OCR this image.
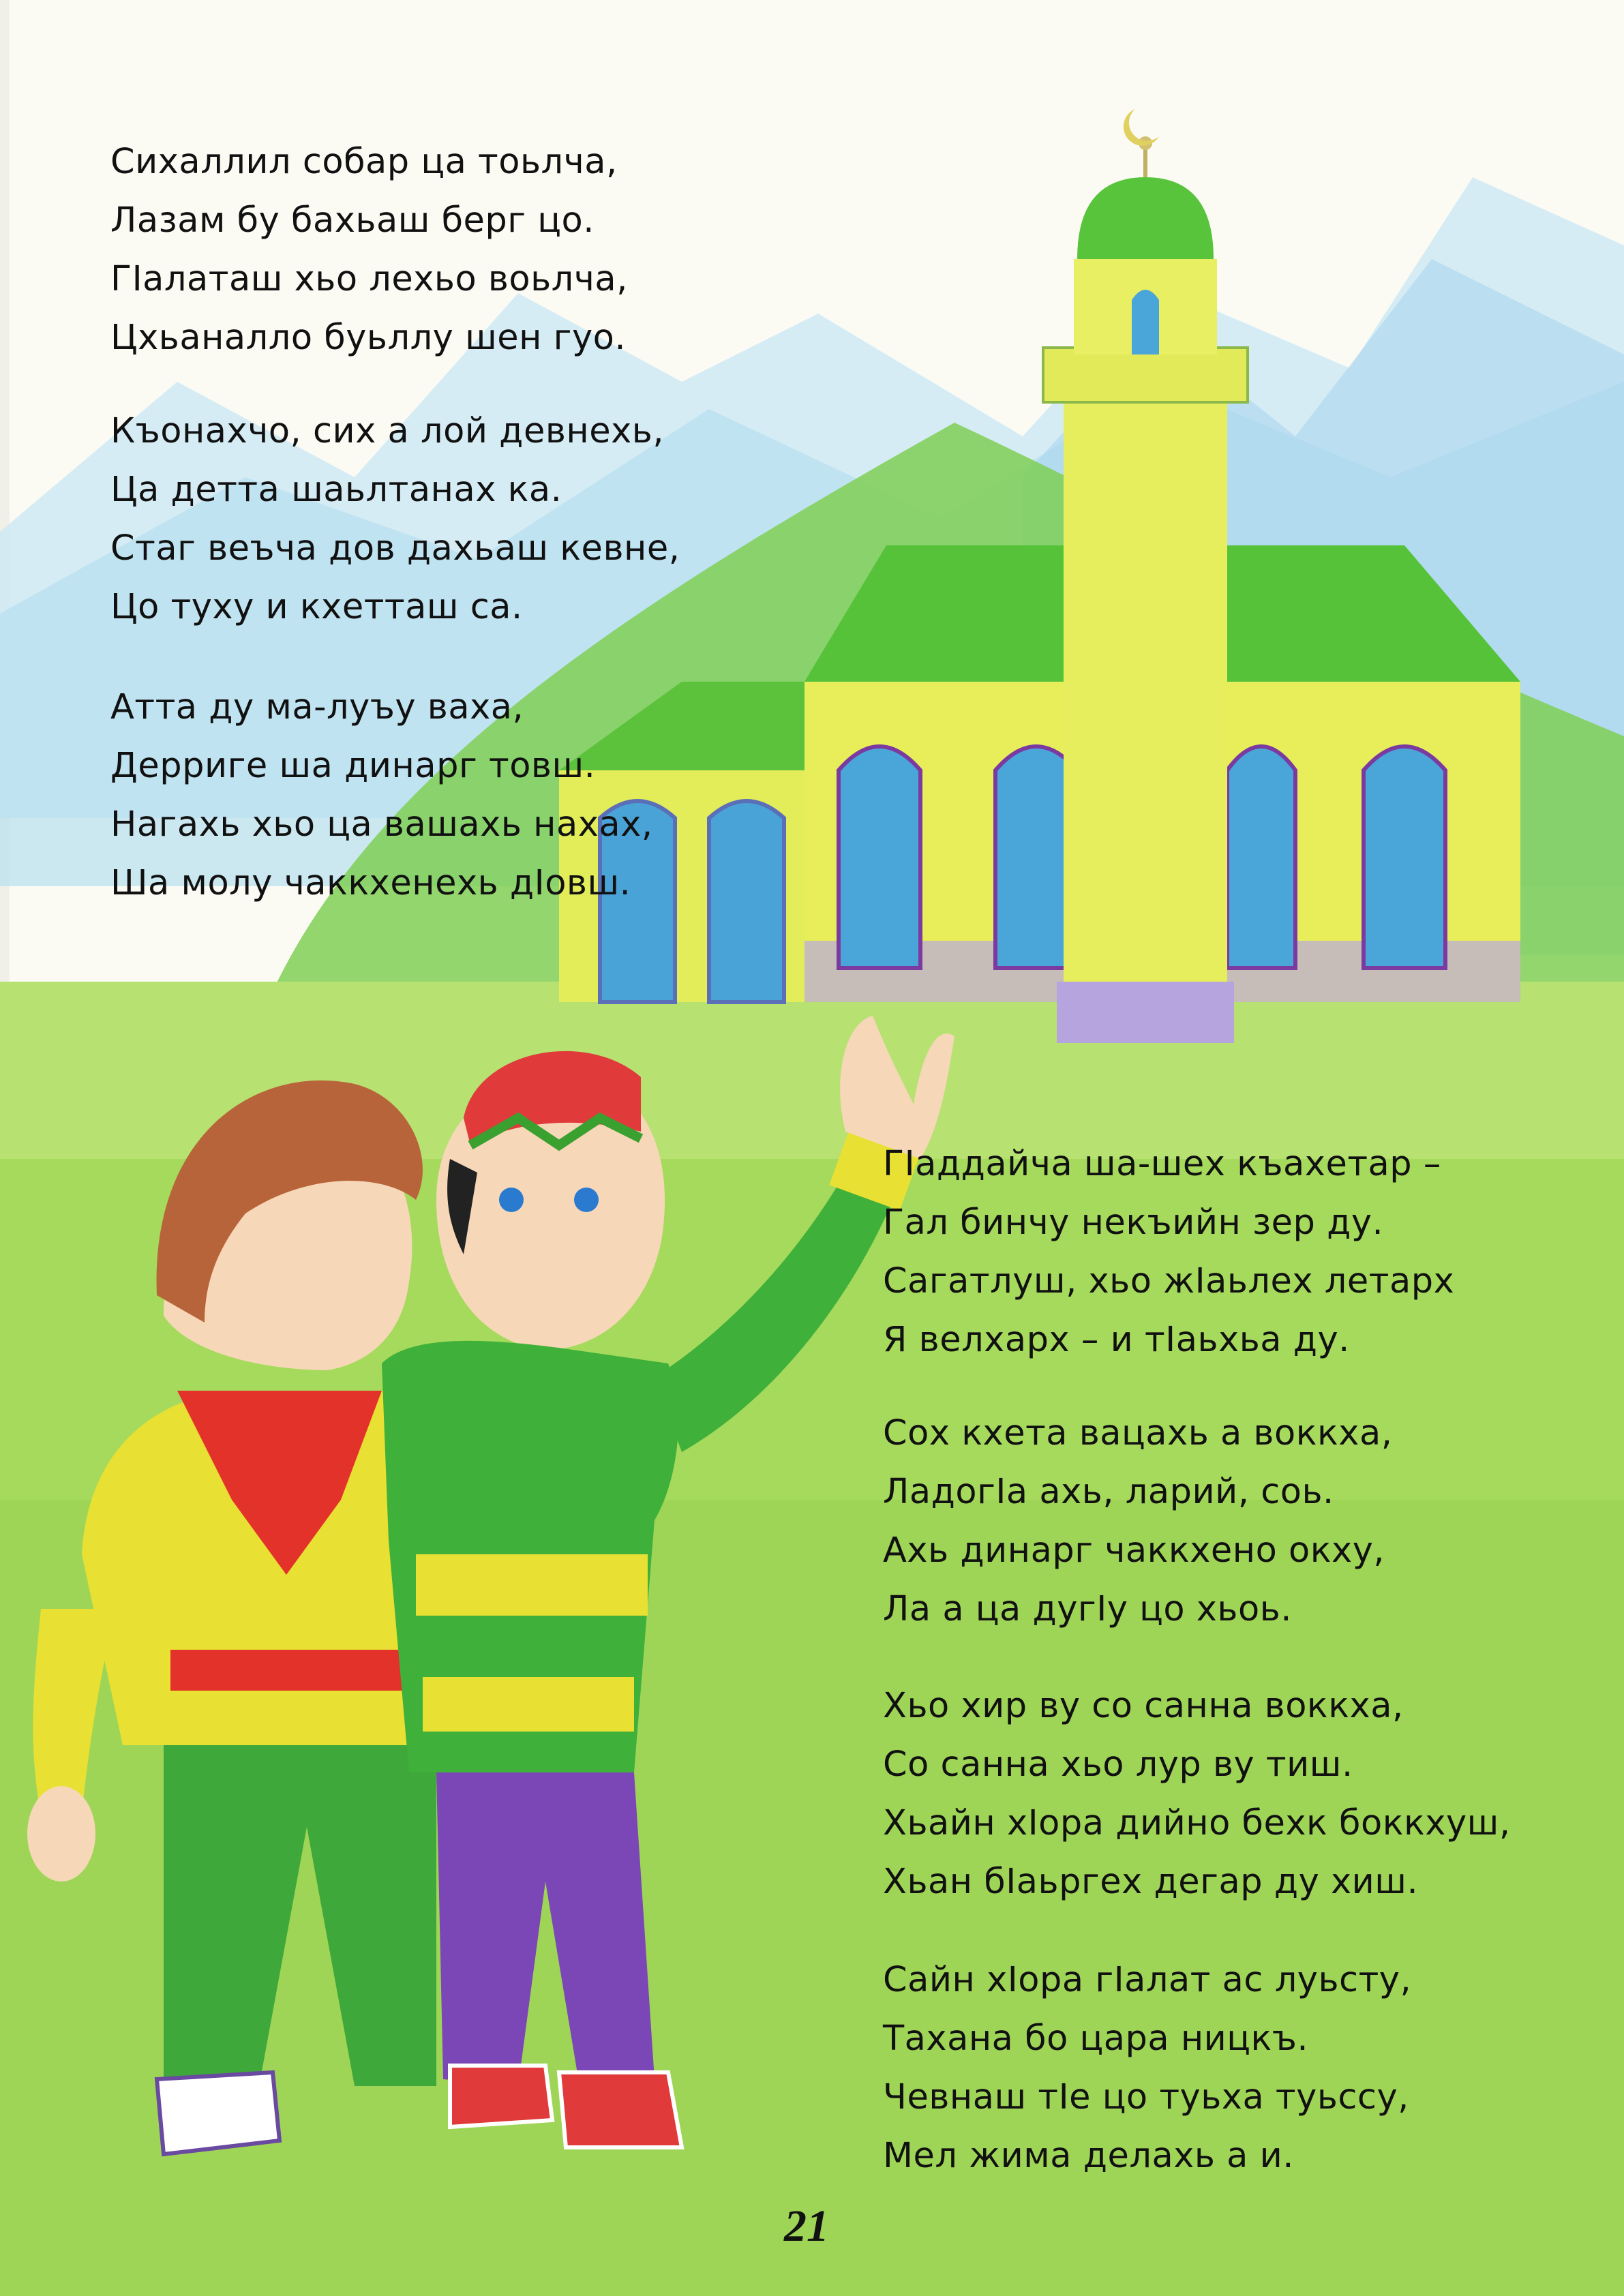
Сихаллил собар ца тоьлча,
Лазам бу бахьаш берг цо.
ГIалаташ хьо лехьо воьлча,
Цхьаналло буьллу шен гуо.
Къонахчо, сих а лой девнехь,
Ца детта шаьлтанах ка.
Стаг веъча дов дахьаш кевне,
Цо туху и кхетташ са.
Атта ду ма-луъу ваха,
Дерриге ша динарг товш.
Нагахь хьо ца вашахь нахах,
Ша молу чаккхенехь дIовш.
ГIаддайча ша-шех къахетар –
Гал бинчу некъийн зер ду.
Сагатлуш, хьо жIаьлех летарх
Я велхарх – и тIаьхьа ду.
Сох кхета вацахь а воккха,
ЛадогIа ахь, ларий, соь.
Ахь динарг чаккхено окху,
Ла а ца дугIу цо хьоь.
Хьо хир ву со санна воккха,
Со санна хьо лур ву тиш.
Хьайн хIора дийно бехк боккхуш,
Хьан бIаьргех дегар ду хиш.
Сайн хIора гIалат ас луьсту,
Тахана бо цара ницкъ.
Чевнаш тIе цо туьха туьссу,
Мел жима делахь а и.
21
